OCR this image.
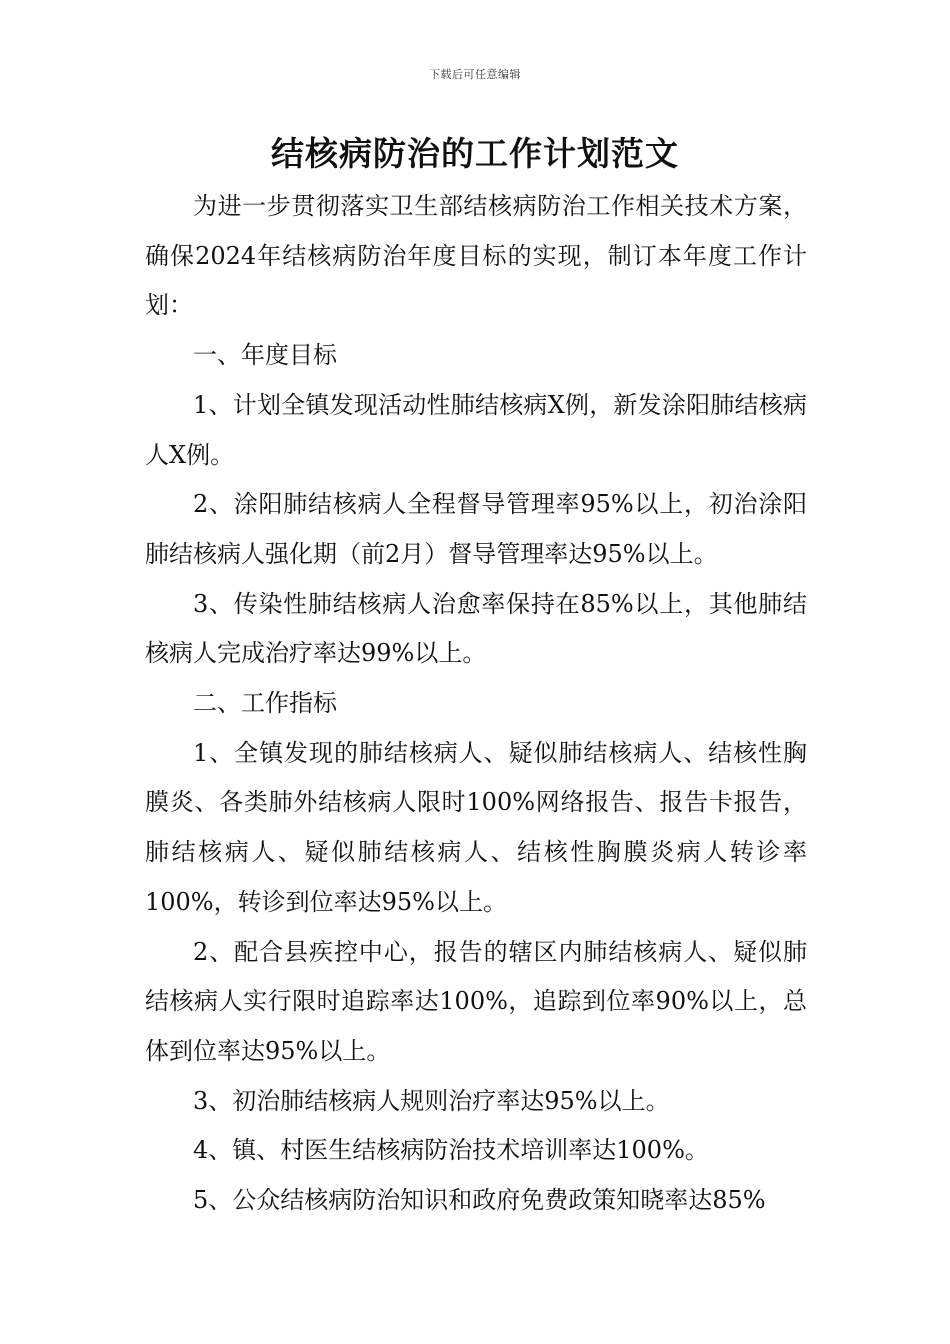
下载后可任意编辑
结核病防治的工作计划范文

为进一步贯彻落实卫生部结核病防治工作相关技术方案，确保2024年结核病防治年度目标的实现，制订本年度工作计划：

一、年度目标

1、计划全镇发现活动性肺结核病X例，新发涂阳肺结核病人X例。

2、涂阳肺结核病人全程督导管理率95%以上，初治涂阳肺结核病人强化期（前2月）督导管理率达95%以上。

3、传染性肺结核病人治愈率保持在85%以上，其他肺结核病人完成治疗率达99%以上。

二、工作指标

1、全镇发现的肺结核病人、疑似肺结核病人、结核性胸膜炎、各类肺外结核病人限时100%网络报告、报告卡报告，肺结核病人、疑似肺结核病人、结核性胸膜炎病人转诊率100%，转诊到位率达95%以上。

2、配合县疾控中心，报告的辖区内肺结核病人、疑似肺结核病人实行限时追踪率达100%，追踪到位率90%以上，总体到位率达95%以上。

3、初治肺结核病人规则治疗率达95%以上。

4、镇、村医生结核病防治技术培训率达100%。

5、公众结核病防治知识和政府免费政策知晓率达85%
